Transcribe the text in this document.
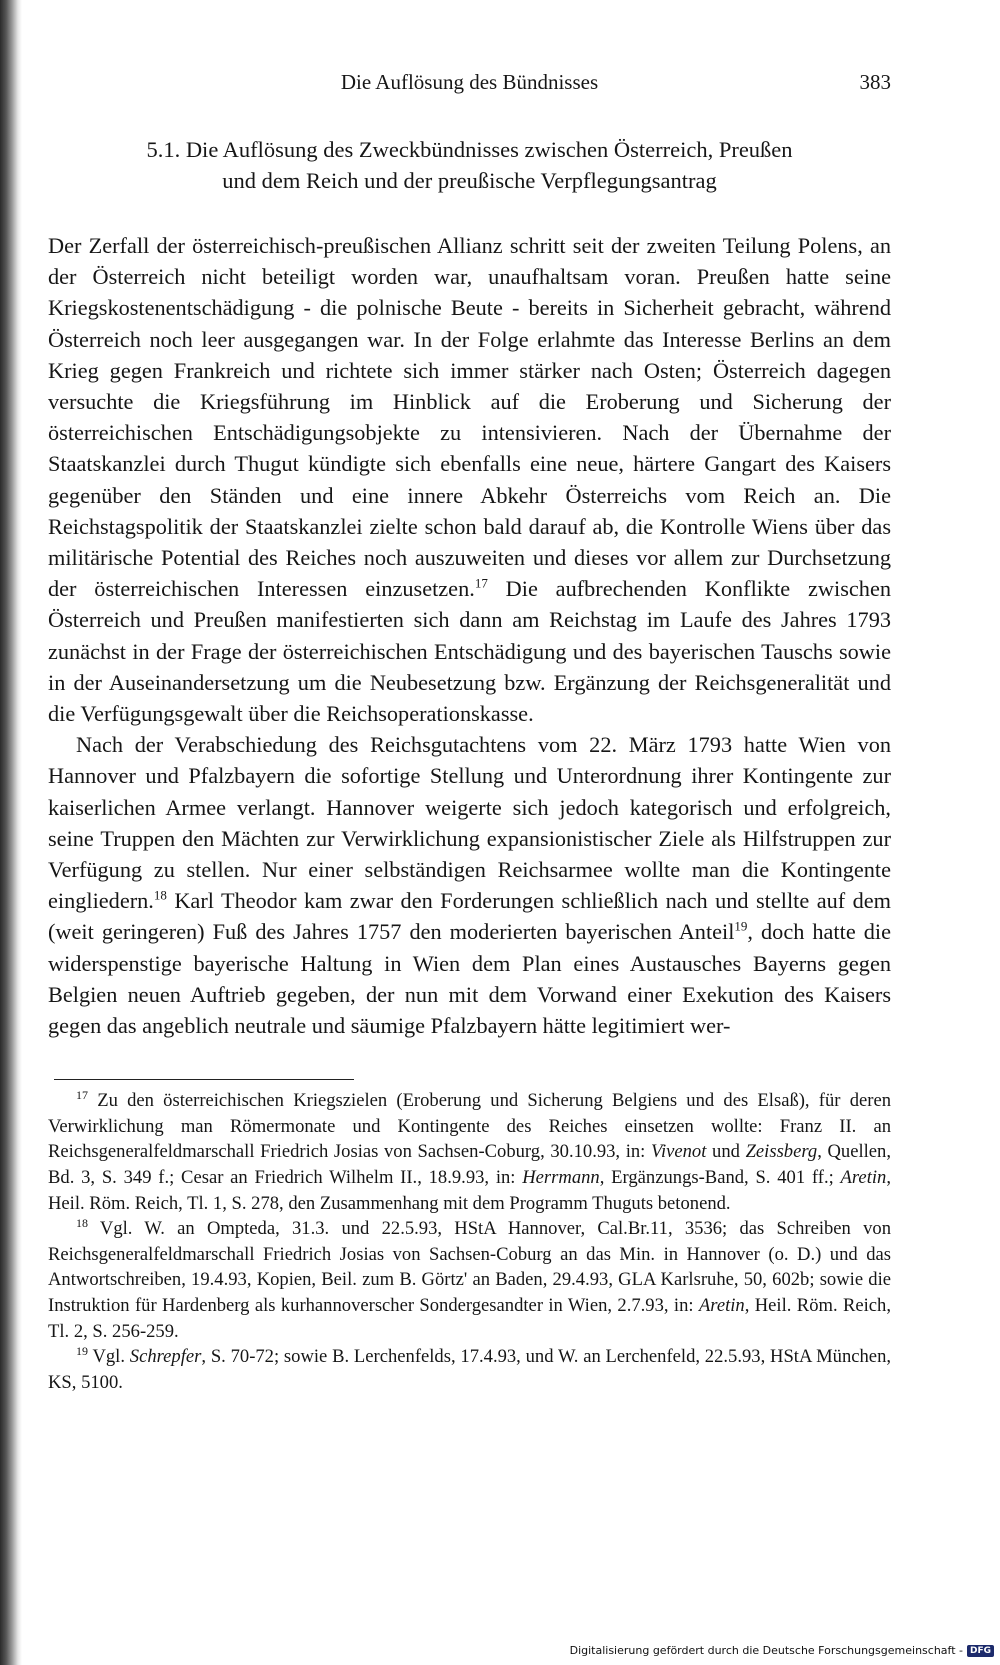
Die Auflösung des Bündnisses	383
5.1. Die Auflösung des Zweckbündnisses zwischen Österreich, Preußen
und dem Reich und der preußische Verpflegungsantrag

Der Zerfall der österreichisch-preußischen Allianz schritt seit der zweiten Teilung Polens, an der Österreich nicht beteiligt worden war, unaufhaltsam voran. Preußen hatte seine Kriegskostenentschädigung - die polnische Beute - bereits in Sicherheit gebracht, während Österreich noch leer ausgegangen war. In der Folge erlahmte das Interesse Berlins an dem Krieg gegen Frankreich und richtete sich immer stärker nach Osten; Österreich dagegen versuchte die Kriegsführung im Hinblick auf die Eroberung und Sicherung der österreichischen Entschädigungsobjekte zu intensivieren. Nach der Übernahme der Staatskanzlei durch Thugut kündigte sich ebenfalls eine neue, härtere Gangart des Kaisers gegenüber den Ständen und eine innere Abkehr Österreichs vom Reich an. Die Reichstagspolitik der Staatskanzlei zielte schon bald darauf ab, die Kontrolle Wiens über das militärische Potential des Reiches noch auszuweiten und dieses vor allem zur Durchsetzung der österreichischen Interessen einzusetzen.$^{17}$ Die aufbrechenden Konflikte zwischen Österreich und Preußen manifestierten sich dann am Reichstag im Laufe des Jahres 1793 zunächst in der Frage der österreichischen Entschädigung und des bayerischen Tauschs sowie in der Auseinandersetzung um die Neubesetzung bzw. Ergänzung der Reichsgeneralität und die Verfügungsgewalt über die Reichsoperationskasse.

Nach der Verabschiedung des Reichsgutachtens vom 22. März 1793 hatte Wien von Hannover und Pfalzbayern die sofortige Stellung und Unterordnung ihrer Kontingente zur kaiserlichen Armee verlangt. Hannover weigerte sich jedoch kategorisch und erfolgreich, seine Truppen den Mächten zur Verwirklichung expansionistischer Ziele als Hilfstruppen zur Verfügung zu stellen. Nur einer selbständigen Reichsarmee wollte man die Kontingente eingliedern.$^{18}$ Karl Theodor kam zwar den Forderungen schließlich nach und stellte auf dem (weit geringeren) Fuß des Jahres 1757 den moderierten bayerischen Anteil$^{19}$, doch hatte die widerspenstige bayerische Haltung in Wien dem Plan eines Austausches Bayerns gegen Belgien neuen Auftrieb gegeben, der nun mit dem Vorwand einer Exekution des Kaisers gegen das angeblich neutrale und säumige Pfalzbayern hätte legitimiert wer-

$^{17}$ Zu den österreichischen Kriegszielen (Eroberung und Sicherung Belgiens und des Elsaß), für deren Verwirklichung man Römermonate und Kontingente des Reiches einsetzen wollte: Franz II. an Reichsgeneralfeldmarschall Friedrich Josias von Sachsen-Coburg, 30.10.93, in: Vivenot und Zeissberg, Quellen, Bd. 3, S. 349 f.; Cesar an Friedrich Wilhelm II., 18.9.93, in: Herrmann, Ergänzungs-Band, S. 401 ff.; Aretin, Heil. Röm. Reich, Tl. 1, S. 278, den Zusammenhang mit dem Programm Thuguts betonend.

$^{18}$ Vgl. W. an Ompteda, 31.3. und 22.5.93, HStA Hannover, Cal.Br.11, 3536; das Schreiben von Reichsgeneralfeldmarschall Friedrich Josias von Sachsen-Coburg an das Min. in Hannover (o. D.) und das Antwortschreiben, 19.4.93, Kopien, Beil. zum B. Görtz' an Baden, 29.4.93, GLA Karlsruhe, 50, 602b; sowie die Instruktion für Hardenberg als kurhannoverscher Sondergesandter in Wien, 2.7.93, in: Aretin, Heil. Röm. Reich, Tl. 2, S. 256-259.

$^{19}$ Vgl. Schrepfer, S. 70-72; sowie B. Lerchenfelds, 17.4.93, und W. an Lerchenfeld, 22.5.93, HStA München, KS, 5100.

Digitalisierung gefördert durch die Deutsche Forschungsgemeinschaft - DFG
